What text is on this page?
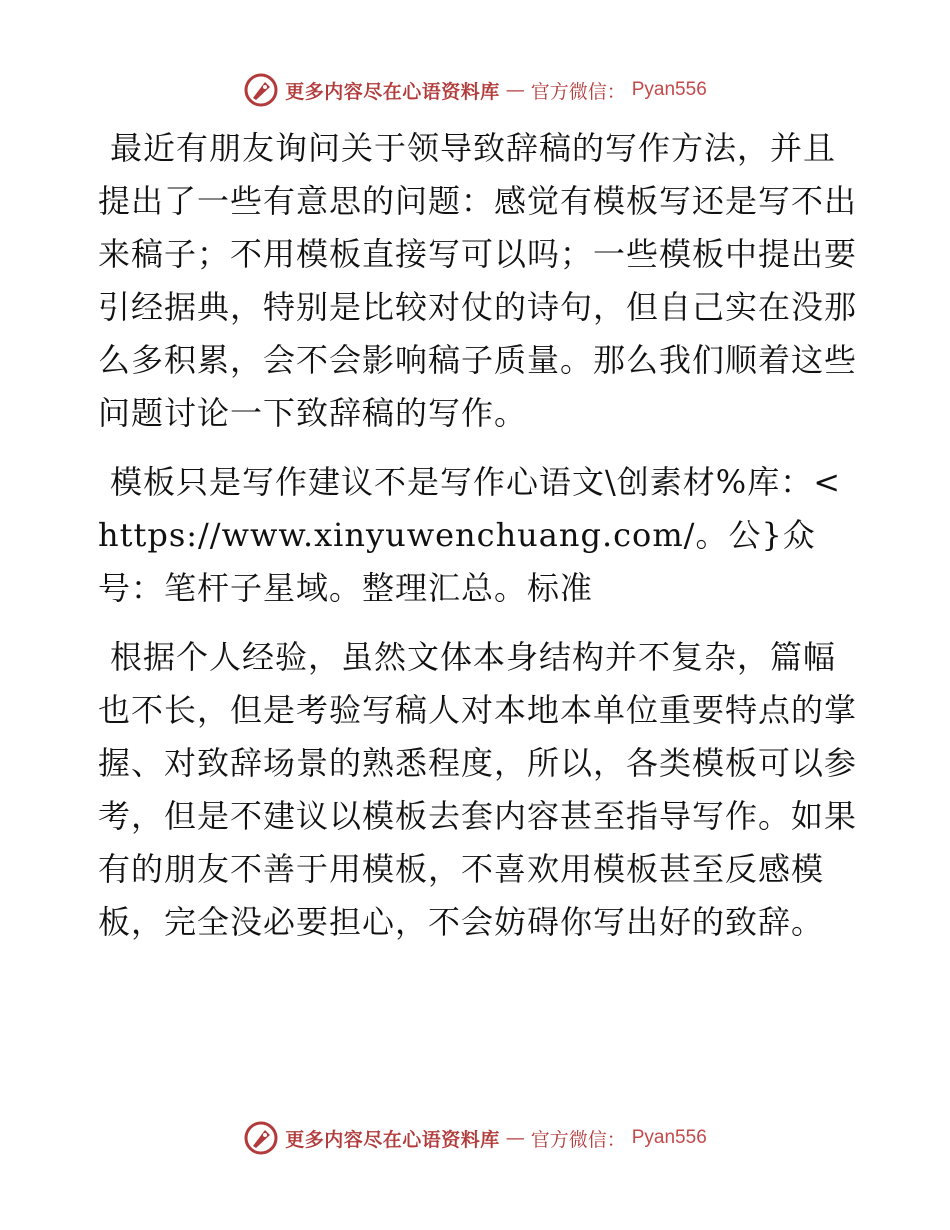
更多内容尽在心语资料库 — 官方微信： Pyan556

最近有朋友询问关于领导致辞稿的写作方法，并且提出了一些有意思的问题：感觉有模板写还是写不出来稿子；不用模板直接写可以吗；一些模板中提出要引经据典，特别是比较对仗的诗句，但自己实在没那么多积累，会不会影响稿子质量。那么我们顺着这些问题讨论一下致辞稿的写作。

模板只是写作建议不是写作心语文\创素材%库：<https://www.xinyuwenchuang.com/。公}众号：笔杆子星域。整理汇总。标准

根据个人经验，虽然文体本身结构并不复杂，篇幅也不长，但是考验写稿人对本地本单位重要特点的掌握、对致辞场景的熟悉程度，所以，各类模板可以参考，但是不建议以模板去套内容甚至指导写作。如果有的朋友不善于用模板，不喜欢用模板甚至反感模板，完全没必要担心，不会妨碍你写出好的致辞。

更多内容尽在心语资料库 — 官方微信： Pyan556
